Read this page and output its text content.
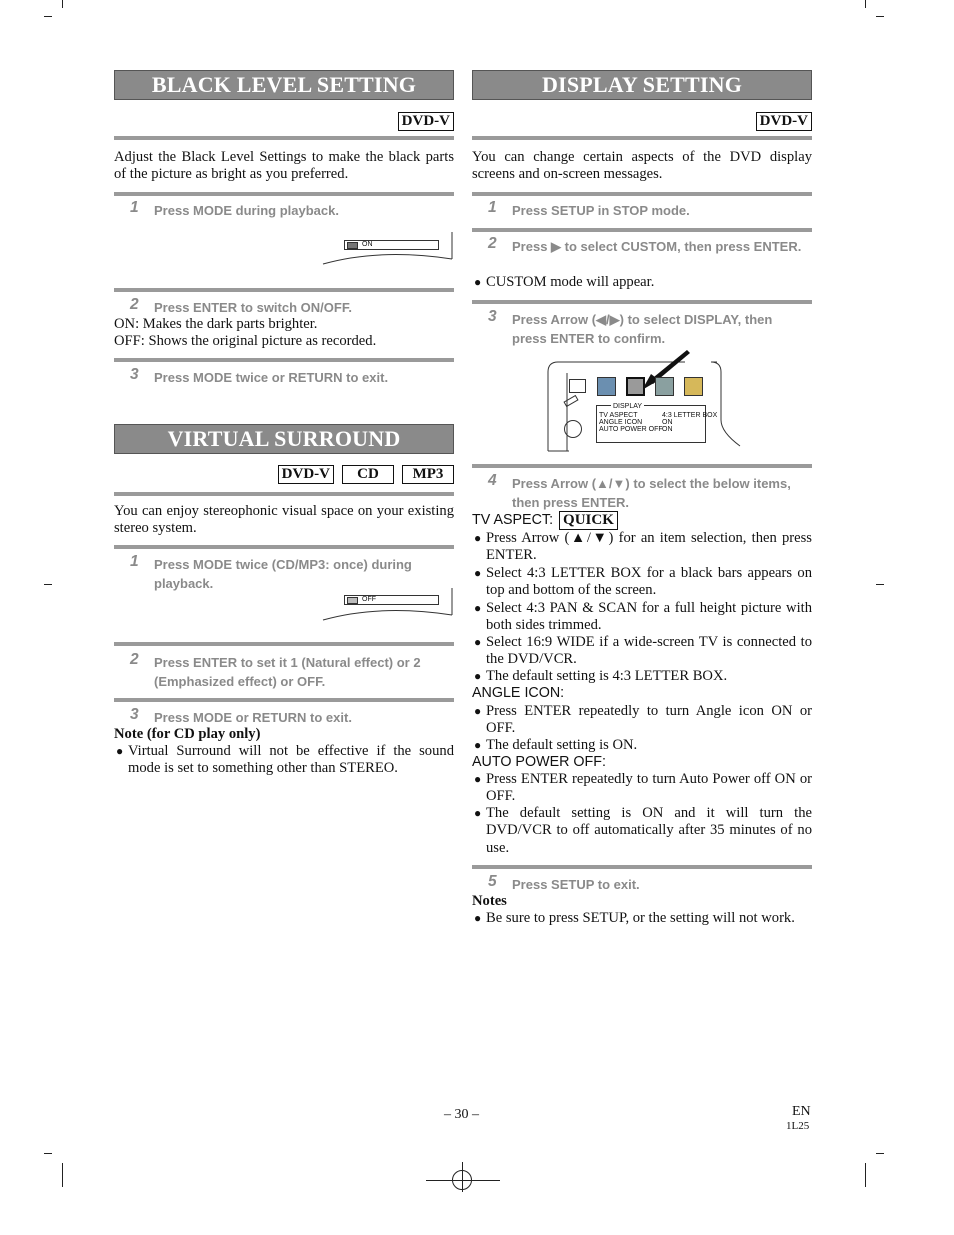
BLACK LEVEL SETTING
DVD-V
Adjust the Black Level Settings to make the black parts of the picture as bright as you preferred.
1	Press MODE during playback.
ON
2	Press ENTER to switch ON/OFF.
ON: Makes the dark parts brighter.
OFF: Shows the original picture as recorded.
3	Press MODE twice or RETURN to exit.
VIRTUAL SURROUND
DVD-V	CD	MP3
You can enjoy stereophonic visual space on your existing stereo system.
1	Press MODE twice (CD/MP3: once) during playback.
OFF
2	Press ENTER to set it 1 (Natural effect) or 2 (Emphasized effect) or OFF.
3	Press MODE or RETURN to exit.
Note (for CD play only)
● Virtual Surround will not be effective if the sound mode is set to something other than STEREO.
DISPLAY SETTING
DVD-V
You can change certain aspects of the DVD display screens and on-screen messages.
1	Press SETUP in STOP mode.
2	Press ▶ to select CUSTOM, then press ENTER.
● CUSTOM mode will appear.
3	Press Arrow (◀/▶) to select DISPLAY, then press ENTER to confirm.
DISPLAY
TV ASPECT	4:3 LETTER BOX
ANGLE ICON	ON
AUTO POWER OFF ON
4	Press Arrow (▲/▼) to select the below items, then press ENTER.
TV ASPECT: QUICK
● Press Arrow (▲/▼) for an item selection, then press ENTER.
● Select 4:3 LETTER BOX for a black bars appears on top and bottom of the screen.
● Select 4:3 PAN & SCAN for a full height picture with both sides trimmed.
● Select 16:9 WIDE if a wide-screen TV is connected to the DVD/VCR.
● The default setting is 4:3 LETTER BOX.
ANGLE ICON:
● Press ENTER repeatedly to turn Angle icon ON or OFF.
● The default setting is ON.
AUTO POWER OFF:
● Press ENTER repeatedly to turn Auto Power off ON or OFF.
● The default setting is ON and it will turn the DVD/VCR to off automatically after 35 minutes of no use.
5	Press SETUP to exit.
Notes
● Be sure to press SETUP, or the setting will not work.
– 30 –	EN
1L25
